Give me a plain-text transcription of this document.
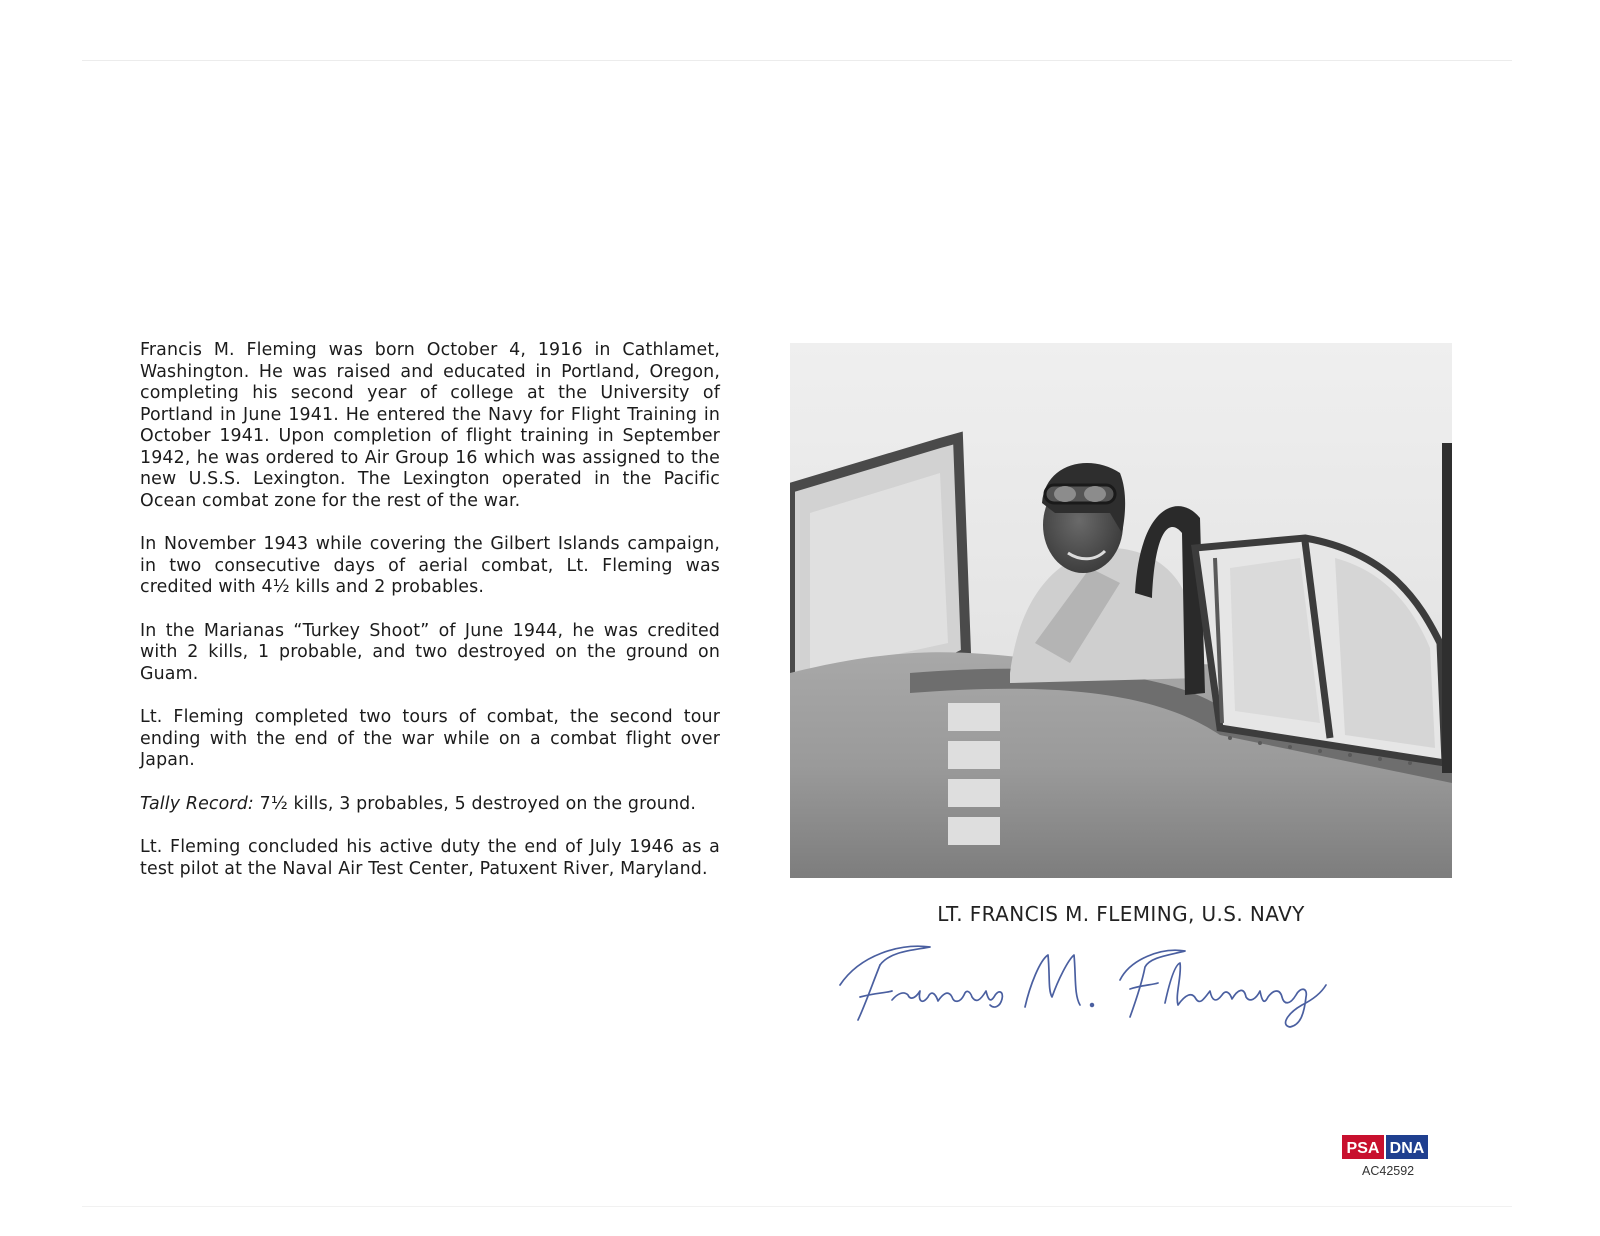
Francis M. Fleming was born October 4, 1916 in Cathlamet, Washington. He was raised and educated in Portland, Oregon, completing his second year of college at the University of Portland in June 1941. He entered the Navy for Flight Training in October 1941. Upon completion of flight training in September 1942, he was ordered to Air Group 16 which was assigned to the new U.S.S. Lexington. The Lexington operated in the Pacific Ocean combat zone for the rest of the war.

In November 1943 while covering the Gilbert Islands campaign, in two consecutive days of aerial combat, Lt. Fleming was credited with 4½ kills and 2 probables.

In the Marianas “Turkey Shoot” of June 1944, he was credited with 2 kills, 1 probable, and two destroyed on the ground on Guam.

Lt. Fleming completed two tours of combat, the second tour ending with the end of the war while on a combat flight over Japan.

Tally Record: 7½ kills, 3 probables, 5 destroyed on the ground.

Lt. Fleming concluded his active duty the end of July 1946 as a test pilot at the Naval Air Test Center, Patuxent River, Maryland.

LT. FRANCIS M. FLEMING, U.S. NAVY
PSA DNA
AC42592
